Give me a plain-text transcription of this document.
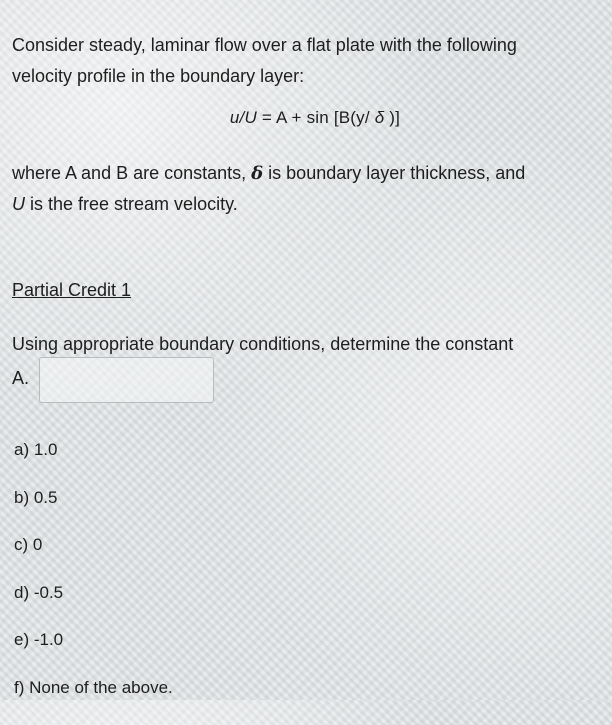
Consider steady, laminar flow over a flat plate with the following

velocity profile in the boundary layer:

u/U = A + sin [B(y/ δ )]

where A and B are constants, δ is boundary layer thickness, and

U is the free stream velocity.

Partial Credit 1

Using appropriate boundary conditions, determine the constant

A.
a) 1.0
b) 0.5
c) 0
d) -0.5
e) -1.0
f) None of the above.
